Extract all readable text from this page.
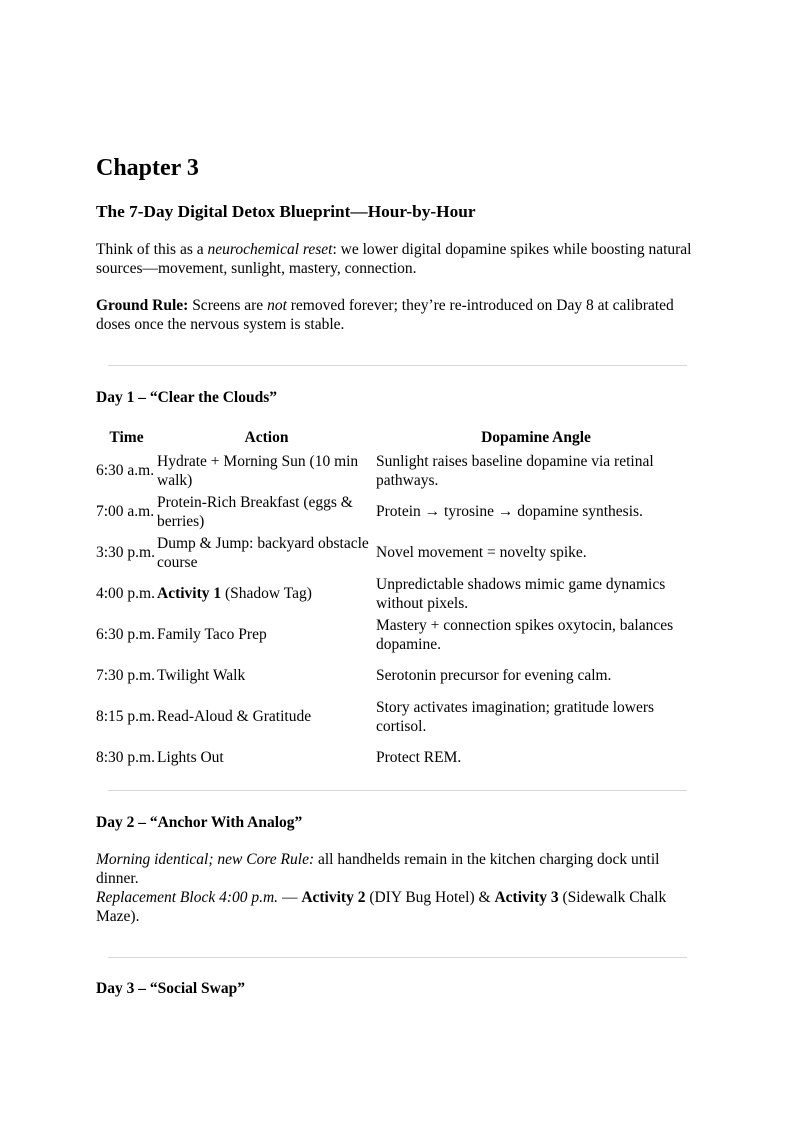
Chapter 3
The 7-Day Digital Detox Blueprint—Hour-by-Hour

Think of this as a neurochemical reset: we lower digital dopamine spikes while boosting natural sources—movement, sunlight, mastery, connection.

Ground Rule: Screens are not removed forever; they’re re-introduced on Day 8 at calibrated doses once the nervous system is stable.

Day 1 – “Clear the Clouds”
Time	Action	Dopamine Angle
6:30 a.m.	Hydrate + Morning Sun (10 min walk)	Sunlight raises baseline dopamine via retinal pathways.
7:00 a.m.	Protein-Rich Breakfast (eggs & berries)	Protein → tyrosine → dopamine synthesis.
3:30 p.m.	Dump & Jump: backyard obstacle course	Novel movement = novelty spike.
4:00 p.m.	Activity 1 (Shadow Tag)	Unpredictable shadows mimic game dynamics without pixels.
6:30 p.m.	Family Taco Prep	Mastery + connection spikes oxytocin, balances dopamine.
7:30 p.m.	Twilight Walk	Serotonin precursor for evening calm.
8:15 p.m.	Read-Aloud & Gratitude	Story activates imagination; gratitude lowers cortisol.
8:30 p.m.	Lights Out	Protect REM.
Day 2 – “Anchor With Analog”

Morning identical; new Core Rule: all handhelds remain in the kitchen charging dock until dinner.

Replacement Block 4:00 p.m. — Activity 2 (DIY Bug Hotel) & Activity 3 (Sidewalk Chalk Maze).

Day 3 – “Social Swap”
